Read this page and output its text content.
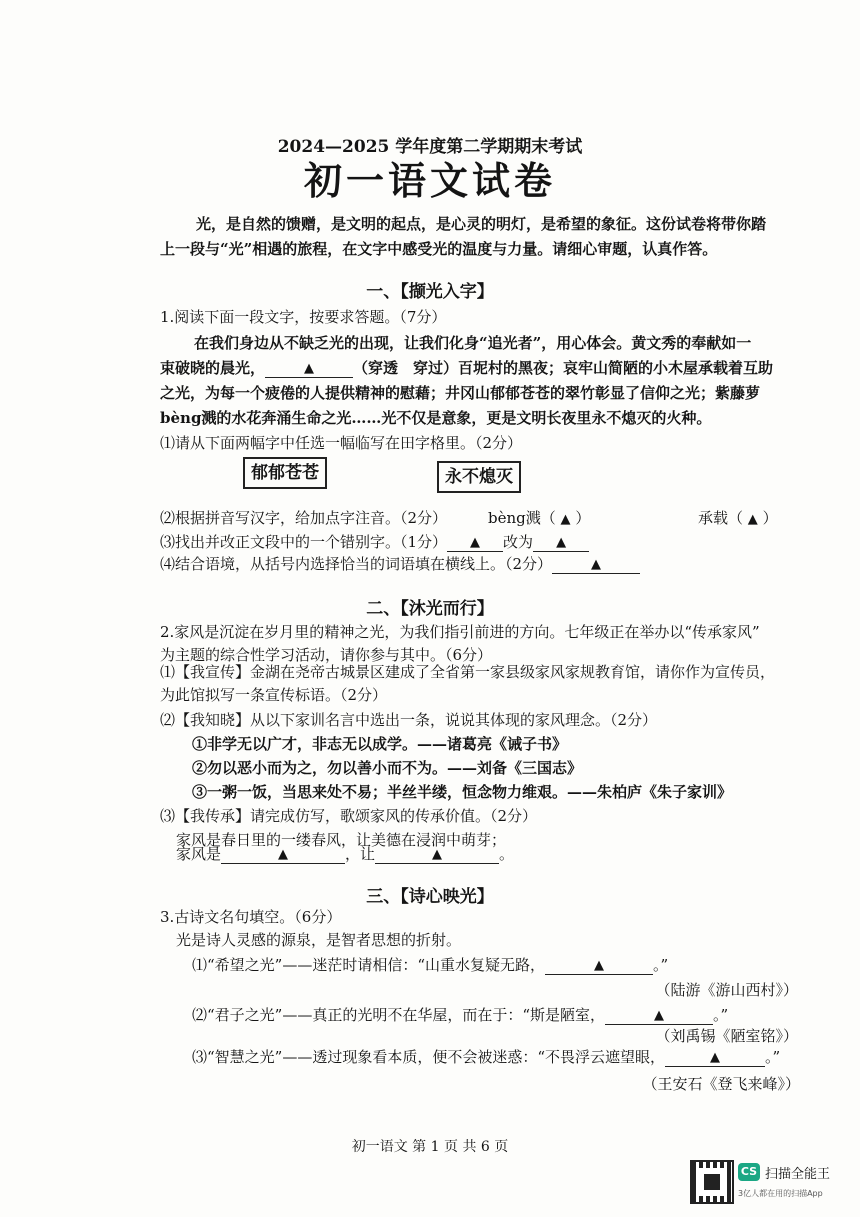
2024—2025 学年度第二学期期末考试
初一语文试卷
光，是自然的馈赠，是文明的起点，是心灵的明灯，是希望的象征。这份试卷将带你踏
上一段与“光”相遇的旅程，在文字中感受光的温度与力量。请细心审题，认真作答。
一、【撷光入字】
1.阅读下面一段文字，按要求答题。（7分）
在我们身边从不缺乏光的出现，让我们化身“追光者”，用心体会。黄文秀的奉献如一
束破晓的晨光，	▲	（穿透　穿过）百坭村的黑夜；哀牢山简陋的小木屋承载着互助
之光，为每一个疲倦的人提供精神的慰藉；井冈山郁郁苍苍的翠竹彰显了信仰之光；紫藤萝
bèng溅的水花奔涌生命之光……光不仅是意象，更是文明长夜里永不熄灭的火种。
⑴请从下面两幅字中任选一幅临写在田字格里。（2分）
郁郁苍苍	永不熄灭
⑵根据拼音写汉字，给加点字注音。（2分）	bèng溅（ ▲ ）	承载（ ▲ ）
⑶找出并改正文段中的一个错别字。（1分） ▲ 改为 ▲
⑷结合语境，从括号内选择恰当的词语填在横线上。（2分）	▲
二、【沐光而行】
2.家风是沉淀在岁月里的精神之光，为我们指引前进的方向。七年级正在举办以“传承家风”
为主题的综合性学习活动，请你参与其中。（6分）
⑴【我宣传】金湖在尧帝古城景区建成了全省第一家县级家风家规教育馆，请你作为宣传员，
为此馆拟写一条宣传标语。（2分）
⑵【我知晓】从以下家训名言中选出一条，说说其体现的家风理念。（2分）
①非学无以广才，非志无以成学。——诸葛亮《诫子书》
②勿以恶小而为之，勿以善小而不为。——刘备《三国志》
③一粥一饭，当思来处不易；半丝半缕，恒念物力维艰。——朱柏庐《朱子家训》
⑶【我传承】请完成仿写，歌颂家风的传承价值。（2分）
家风是春日里的一缕春风，让美德在浸润中萌芽；
家风是	▲	，让	▲	。
三、【诗心映光】
3.古诗文名句填空。（6分）
光是诗人灵感的源泉，是智者思想的折射。
⑴“希望之光”——迷茫时请相信：“山重水复疑无路，	▲	。”
（陆游《游山西村》）
⑵“君子之光”——真正的光明不在华屋，而在于：“斯是陋室，	▲	。”
（刘禹锡《陋室铭》）
⑶“智慧之光”——透过现象看本质，便不会被迷惑：“不畏浮云遮望眼，	▲	。”
（王安石《登飞来峰》）
初一语文 第 1 页 共 6 页
CS 扫描全能王
3亿人都在用的扫描App
